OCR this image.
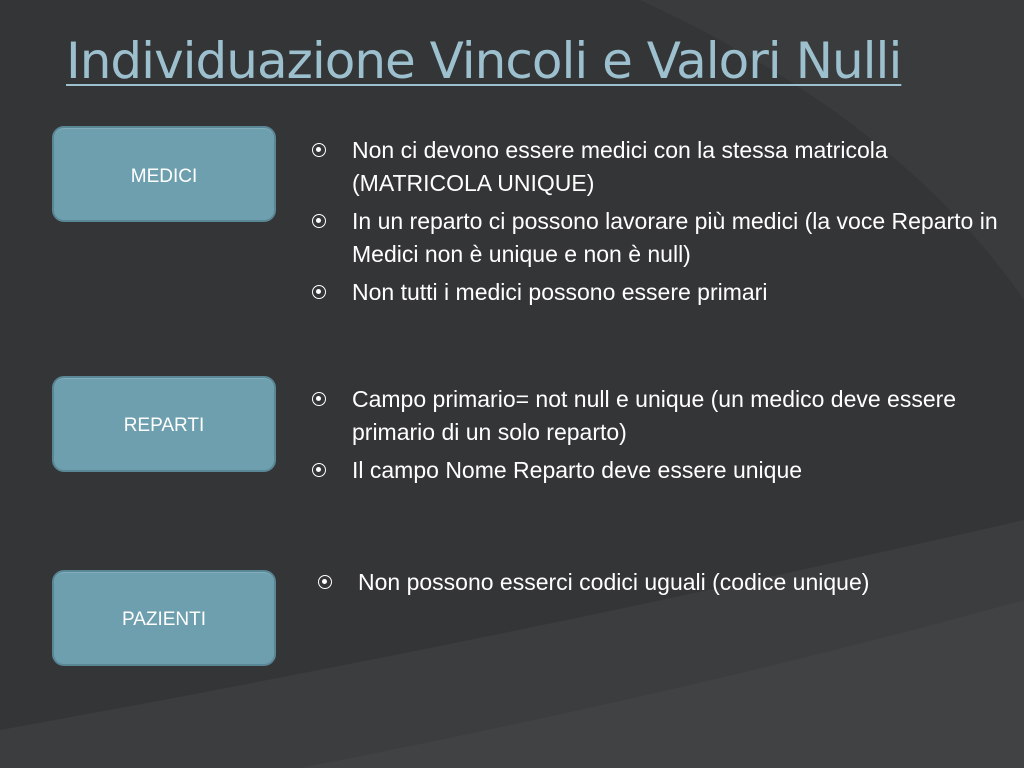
Individuazione Vincoli e Valori Nulli
MEDICI
Non ci devono essere medici con la stessa matricola (MATRICOLA UNIQUE)
In un reparto ci possono lavorare più medici (la voce Reparto in Medici non è unique e non è null)
Non tutti i medici possono essere primari
REPARTI
Campo primario= not null e unique (un medico deve essere primario di un solo reparto)
Il campo Nome Reparto deve essere unique
PAZIENTI
Non possono esserci codici uguali (codice unique)
